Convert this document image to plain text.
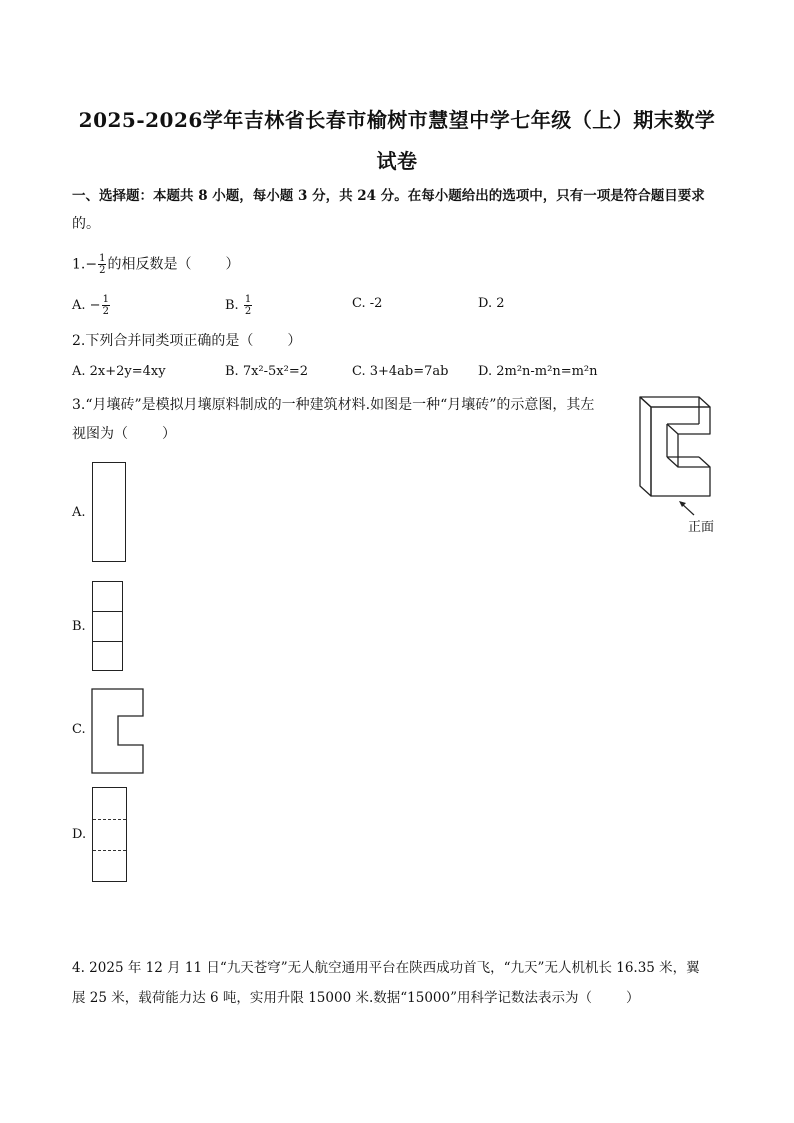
2025-2026学年吉林省长春市榆树市慧望中学七年级（上）期末数学
试卷
一、选择题：本题共 8 小题，每小题 3 分，共 24 分。在每小题给出的选项中，只有一项是符合题目要求
的。
$1.- \frac{1}{2}$ 的相反数是（ ）
A. − $\frac{1}{2}$	B. $\frac{1}{2}$	C. -2	D. 2
2.下列合并同类项正确的是（ ）
A. 2x+2y=4xy	B. 7x²-5x²=2	C. 3+4ab=7ab D. 2m²n-m²n=m²n
3.“月壤砖”是模拟月壤原料制成的一种建筑材料.如图是一种“月壤砖”的示意图，其左
视图为（ ）
正面
A.
B.
C.
D.
4. 2025 年 12 月 11 日“九天苍穹”无人航空通用平台在陕西成功首飞，“九天”无人机机长 16.35 米，翼
展 25 米，载荷能力达 6 吨，实用升限 15000 米.数据“15000”用科学记数法表示为（	）
